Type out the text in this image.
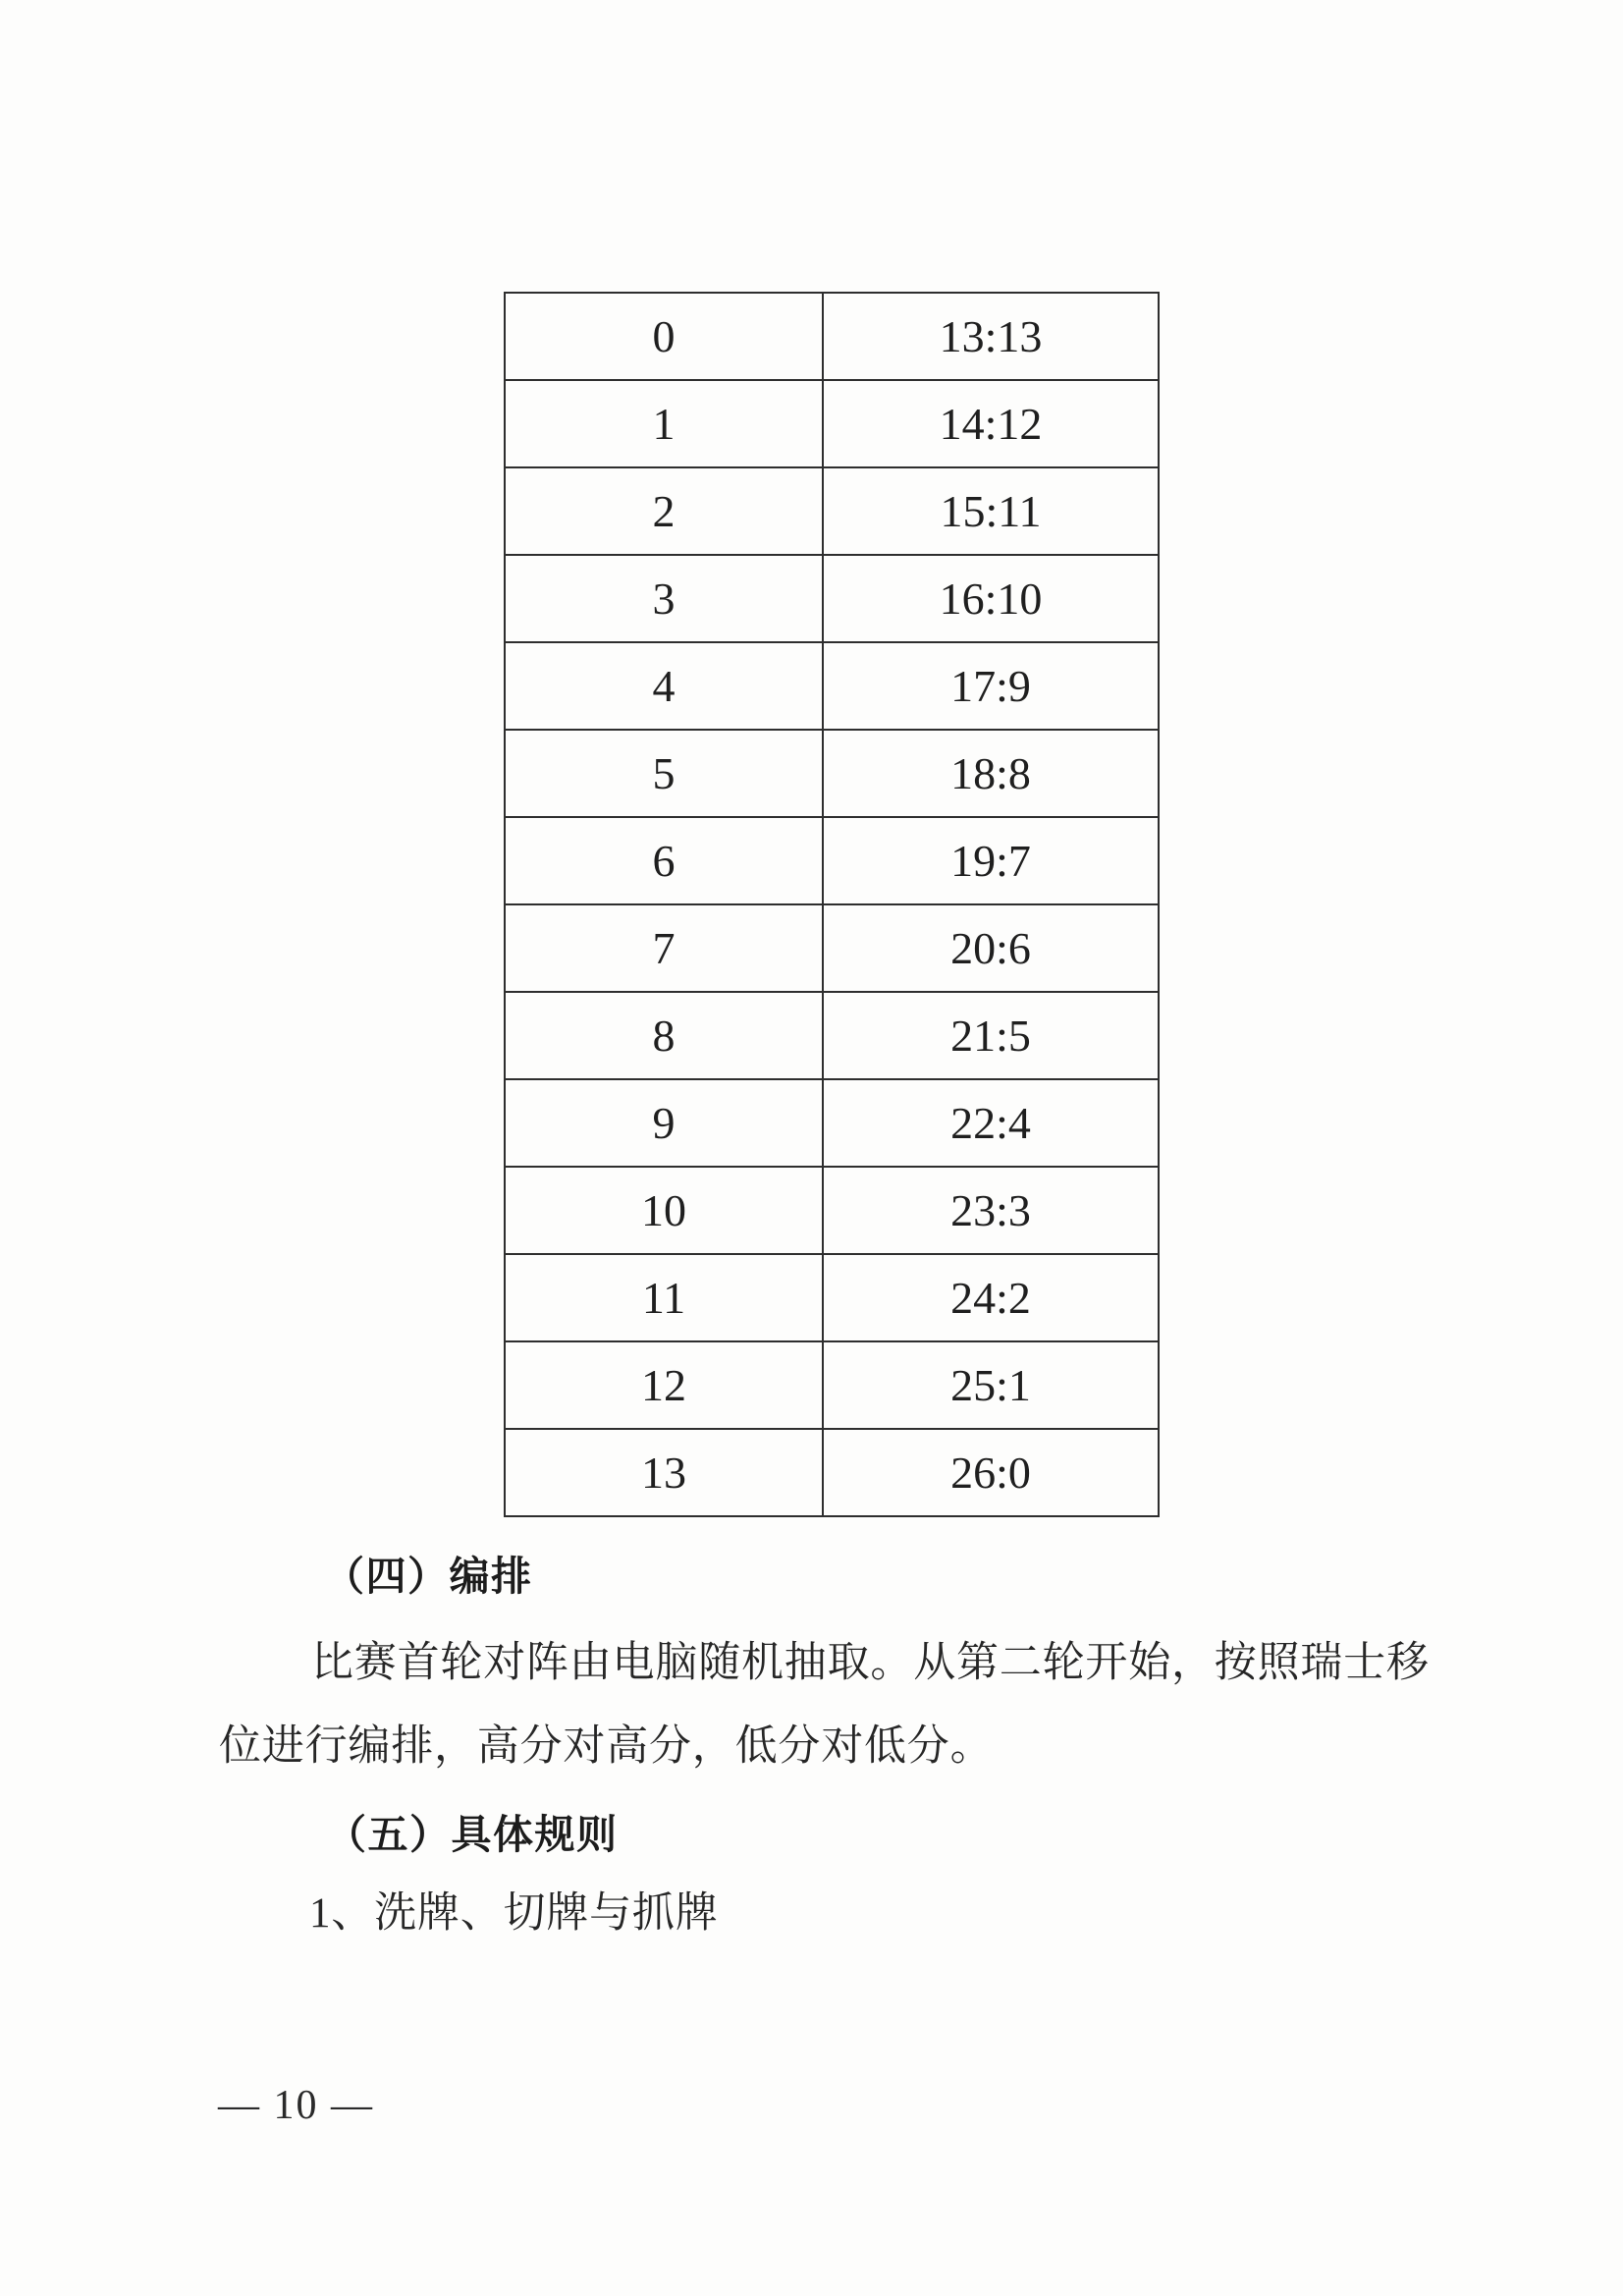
0	13:13
1	14:12
2	15:11
3	16:10
4	17:9
5	18:8
6	19:7
7	20:6
8	21:5
9	22:4
10	23:3
11	24:2
12	25:1
13	26:0
（四）编排
比赛首轮对阵由电脑随机抽取。从第二轮开始，按照瑞士移
位进行编排，高分对高分，低分对低分。
（五）具体规则
1、洗牌、切牌与抓牌
— 10 —
